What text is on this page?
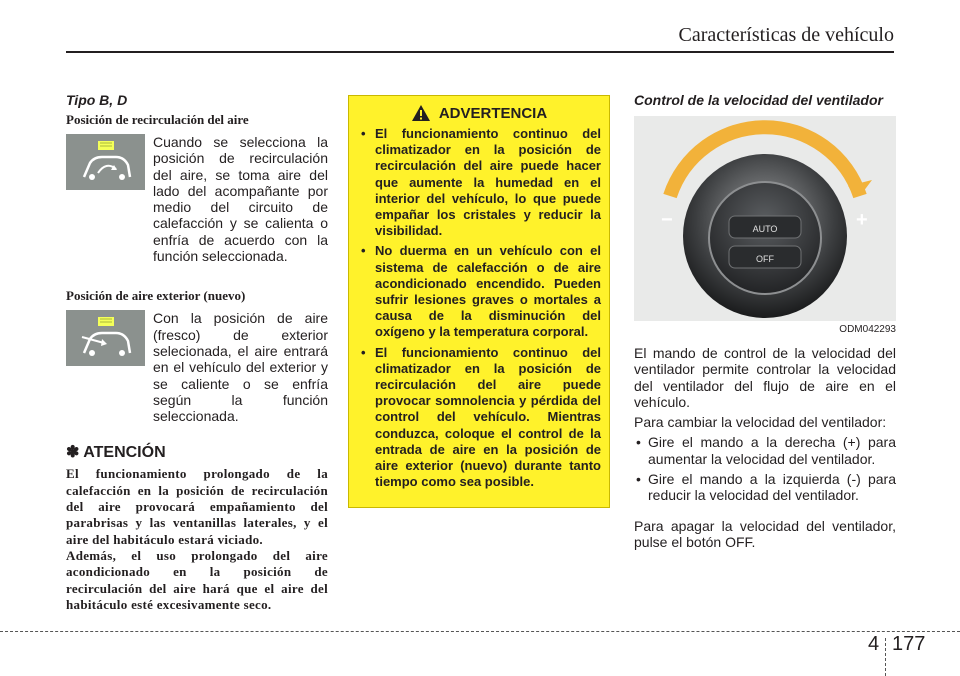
Características de vehículo
Tipo B, D
Posición de recirculación del aire
Cuando se selecciona la posición de recirculación del aire, se toma aire del lado del acompañante por medio del circuito de calefacción y se calienta o enfría de acuerdo con la función seleccionada.
Posición de aire exterior (nuevo)
Con la posición de aire (fresco) de exterior selecionada, el aire entrará en el vehículo del exterior y se caliente o se enfría según la función seleccionada.
✽ ATENCIÓN
El funcionamiento prolongado de la calefacción en la posición de recirculación del aire provocará empañamiento del parabrisas y las ventanillas laterales, y el aire del habitáculo estará viciado.
Además, el uso prolongado del aire acondicionado en la posición de recirculación del aire hará que el aire del habitáculo esté excesivamente seco.
ADVERTENCIA
• El funcionamiento continuo del climatizador en la posición de recirculación del aire puede hacer que aumente la humedad en el interior del vehículo, lo que puede empañar los cristales y reducir la visibilidad.
• No duerma en un vehículo con el sistema de calefacción o de aire acondicionado encendido. Pueden sufrir lesiones graves o mortales a causa de la disminución del oxígeno y la temperatura corporal.
• El funcionamiento continuo del climatizador en la posición de recirculación del aire puede provocar somnolencia y pérdida del control del vehículo. Mientras conduzca, coloque el control de la entrada de aire en la posición de aire exterior (nuevo) durante tanto tiempo como sea posible.
Control de la velocidad del ventilador
AUTO
OFF
−	+
ODM042293

El mando de control de la velocidad del ventilador permite controlar la velocidad del ventilador del flujo de aire en el vehículo.

Para cambiar la velocidad del ventilador:

• Gire el mando a la derecha (+) para aumentar la velocidad del ventilador.
• Gire el mando a la izquierda (-) para reducir la velocidad del ventilador.

Para apagar la velocidad del ventilador, pulse el botón OFF.

4 177
